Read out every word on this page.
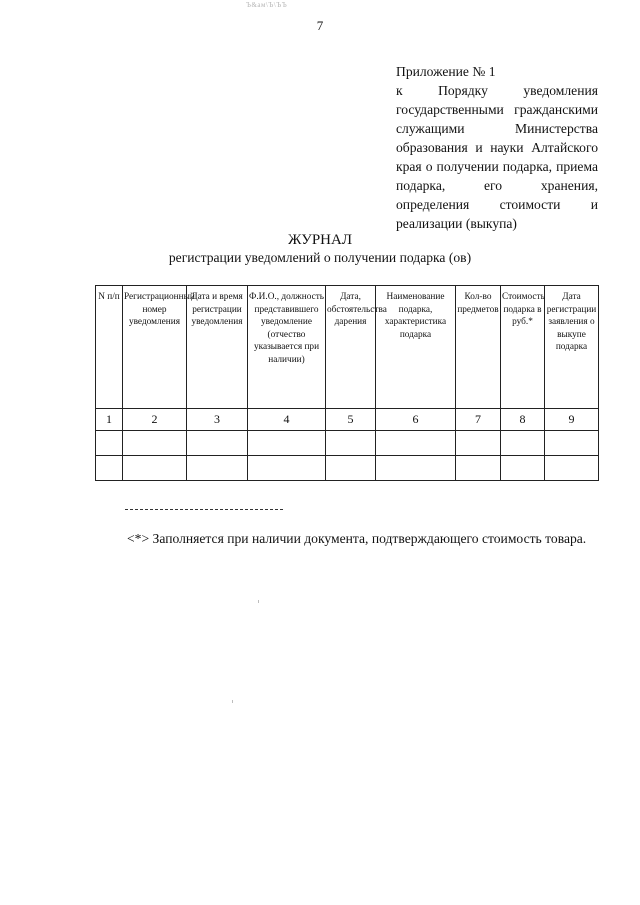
Ъ&ам\Ъ\ЪЪ
7
Приложение № 1
к Порядку уведомления государственными гражданскими служащими Министерства образования и науки Алтайского края о получении подарка, приема подарка, его хранения, определения стоимости и реализации (выкупа)
ЖУРНАЛ
регистрации уведомлений о получении подарка (ов)
N п/п	Регистрационный номер уведомления	Дата и время регистрации уведомления	Ф.И.О., должность представившего уведомление (отчество указывается при наличии)	Дата, обстоятельства дарения	Наименование подарка, характеристика подарка	Кол-во предметов	Стоимость подарка в руб.*	Дата регистрации заявления о выкупе подарка
1	2	3	4	5	6	7	8	9

<*> Заполняется при наличии документа, подтверждающего стоимость товара.
